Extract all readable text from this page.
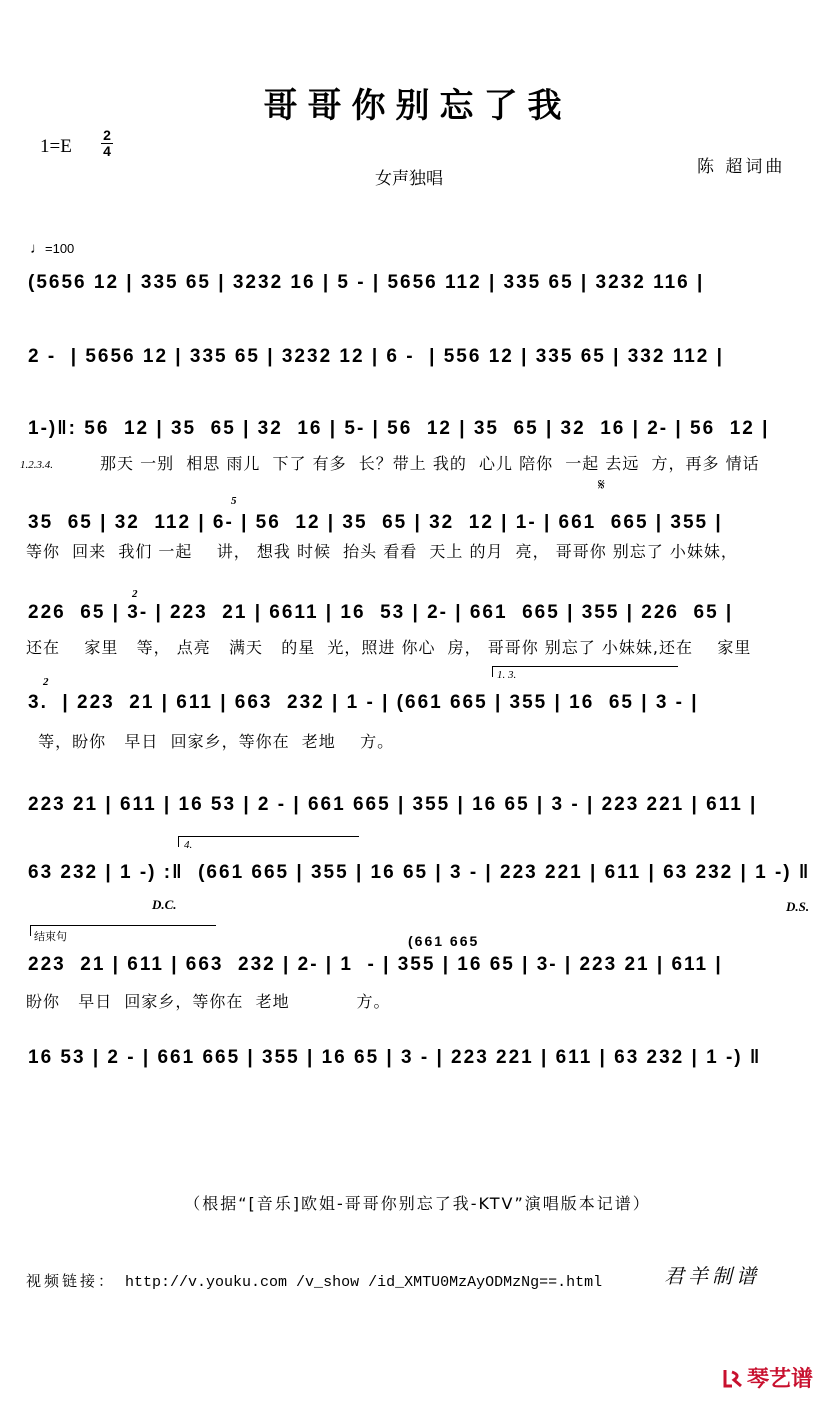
哥哥你别忘了我
1=E
2
4
女声独唱
陈 超词曲
♩=100
(5656 12 | 335 65 | 3232 16 | 5 - | 5656 112 | 335 65 | 3232 116 |
2 -  | 5656 12 | 335 65 | 3232 12 | 6 -  | 556 12 | 335 65 | 332 112 |
1-)‖: 56  12 | 35  65 | 32  16 | 5- | 56  12 | 35  65 | 32  16 | 2- | 56  12 |
1.2.3.4.	那天 一别  相思 雨儿  下了 有多  长？带上 我的  心儿 陪你  一起 去远  方，再多 情话
𝄋
35  65 | 32  112 | 6- | 56  12 | 35  65 | 32  12 | 1- | 661  665 | 355 |
5
等你  回来  我们 一起    讲， 想我 时候  抬头 看看  天上 的月  亮， 哥哥你 别忘了 小妹妹，
226  65 | 3- | 223  21 | 6611 | 16  53 | 2- | 661  665 | 355 | 226  65 |
2
还在    家里   等， 点亮   满天   的星  光，照进 你心  房， 哥哥你 别忘了 小妹妹,还在    家里
1. 3.
2
3.  | 223  21 | 611 | 663  232 | 1 - | (661 665 | 355 | 16  65 | 3 - |
等，盼你   早日  回家乡，等你在  老地    方。
223 21 | 611 | 16 53 | 2 - | 661 665 | 355 | 16 65 | 3 - | 223 221 | 611 |
4.
63 232 | 1 -) :‖  (661 665 | 355 | 16 65 | 3 - | 223 221 | 611 | 63 232 | 1 -) ‖
D.C.	D.S.
结束句	(661 665
223  21 | 611 | 663  232 | 2- | 1  - | 355 | 16 65 | 3- | 223 21 | 611 |
盼你   早日  回家乡，等你在  老地           方。
16 53 | 2 - | 661 665 | 355 | 16 65 | 3 - | 223 221 | 611 | 63 232 | 1 -) ‖
（根据“[音乐]欧姐-哥哥你别忘了我-KTV”演唱版本记谱）
视频链接： http://v.youku.com /v_show /id_XMTU0MzAyODMzNg==.html	君羊制谱
琴艺谱
